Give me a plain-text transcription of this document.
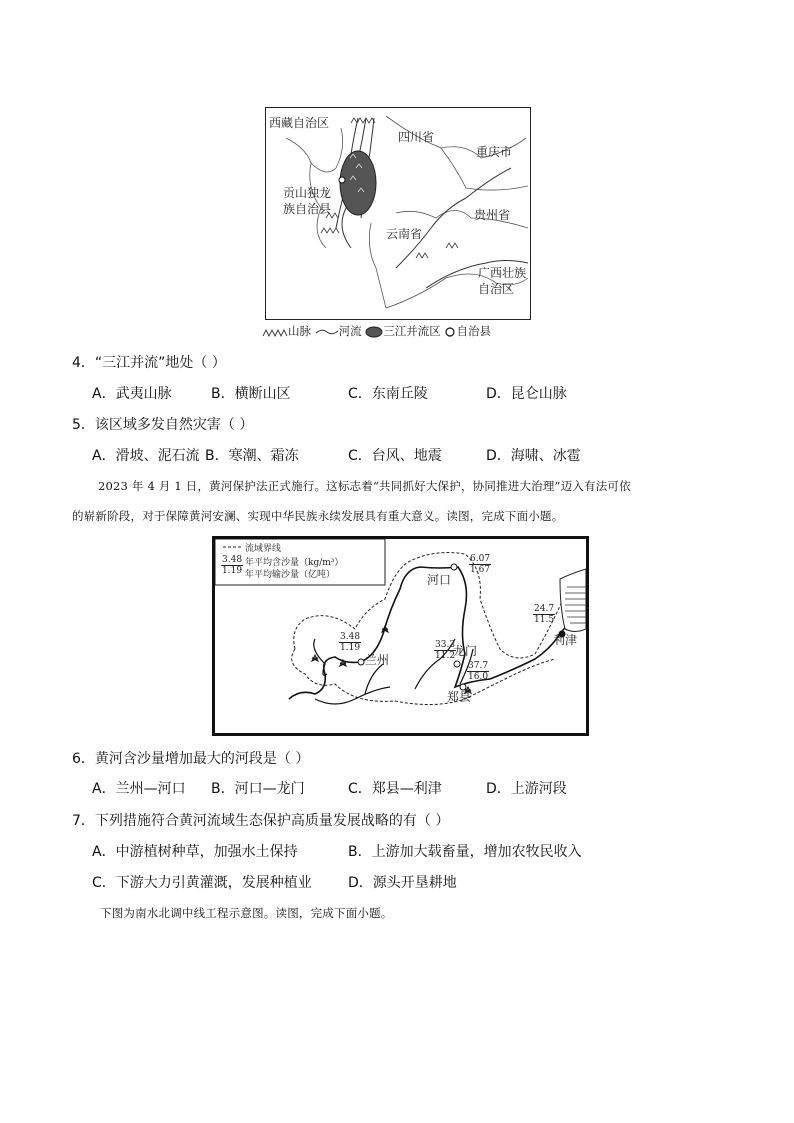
西藏自治区
四川省
重庆市
贡山独龙
族自治县	贵州省
云南省
广西壮族
自治区
山脉 河流 三江并流区 自治县
4．“三江并流”地处（ ）
A．武夷山脉	B．横断山区	C．东南丘陵	D．昆仑山脉
5．该区域多发自然灾害（ ）
A．滑坡、泥石流 B．寒潮、霜冻	C．台风、地震	D．海啸、冰雹
2023 年 4 月 1 日，黄河保护法正式施行。这标志着“共同抓好大保护，协同推进大治理”迈入有法可依
的崭新阶段，对于保障黄河安澜、实现中华民族永续发展具有重大意义。读图，完成下面小题。
流域界线
$\frac{3.48}{1.19}$ 年平均含沙量（kg/m³）
年平均输沙量（亿吨）	河口
兰州
龙门
郑县
利津
$\frac{6.07}{1.67}$
$\frac{3.48}{1.19}$	$\frac{33.3}{11.2}$
$\frac{37.7}{16.0}$
$\frac{24.7}{11.5}$
6．黄河含沙量增加最大的河段是（ ）
A．兰州—河口 B．河口—龙门	C．郑县—利津	D．上游河段
7．下列措施符合黄河流域生态保护高质量发展战略的有（ ）
A．中游植树种草，加强水土保持	B．上游加大载畜量，增加农牧民收入
C．下游大力引黄灌溉，发展种植业	D．源头开垦耕地
下图为南水北调中线工程示意图。读图，完成下面小题。
